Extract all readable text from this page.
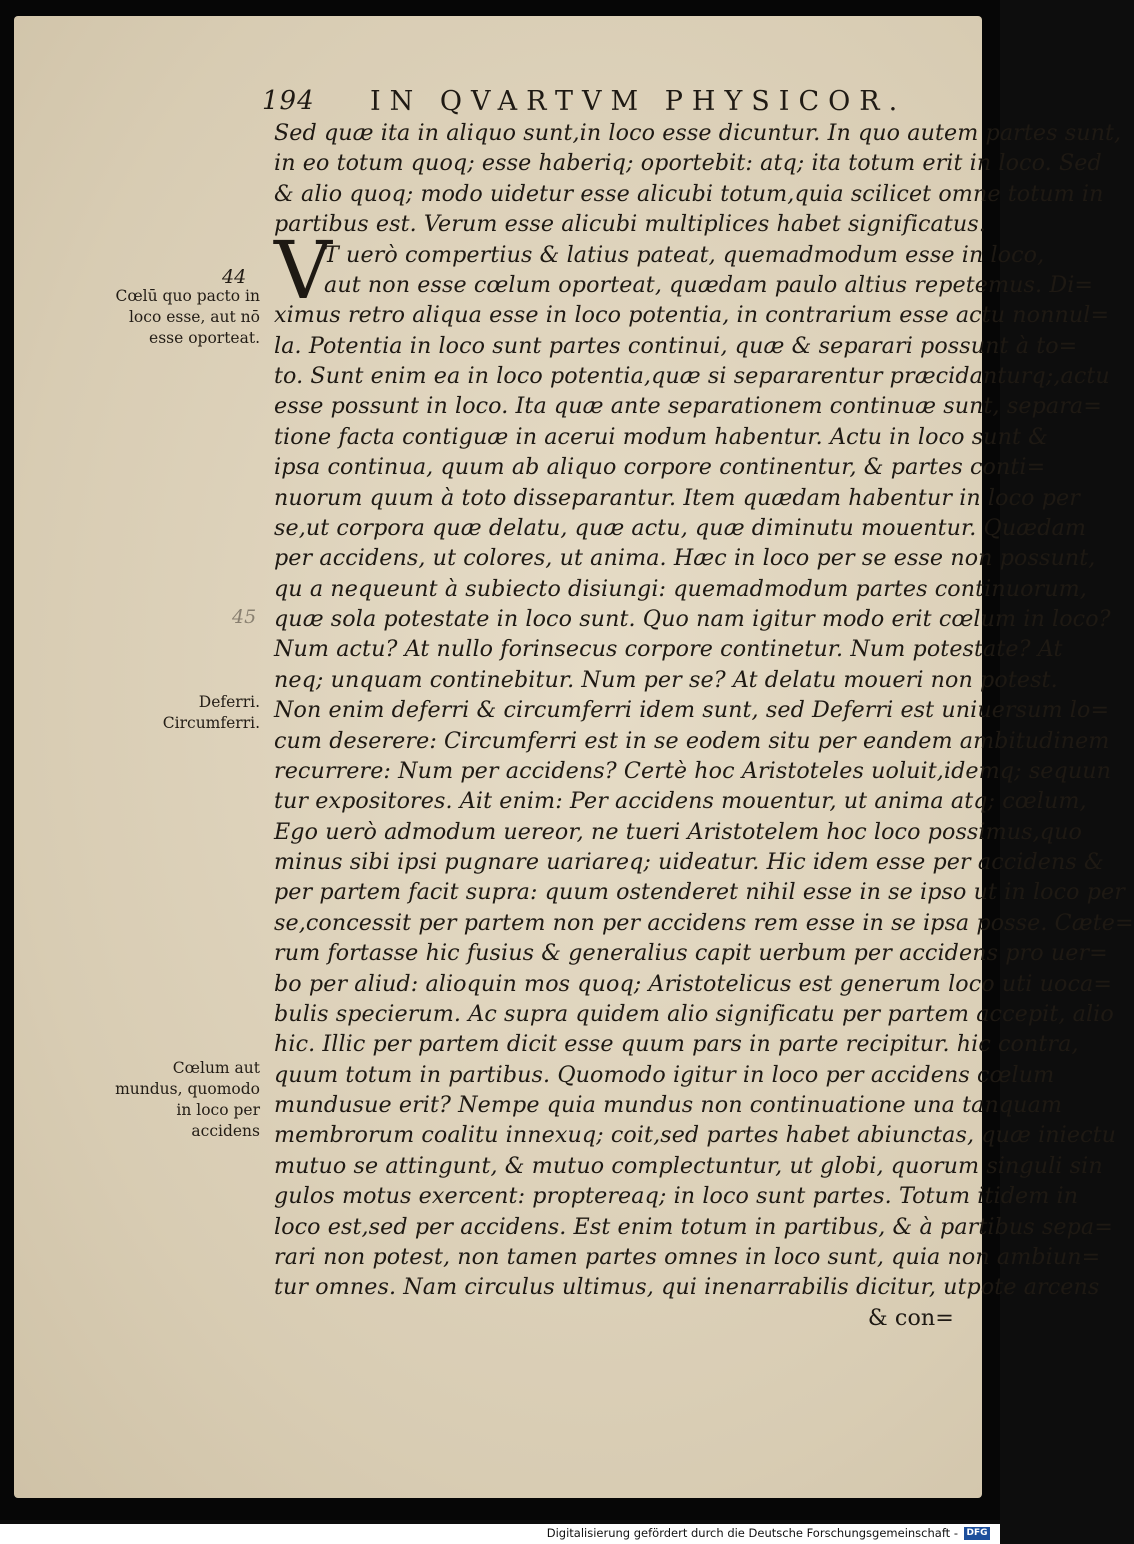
194 IN QVARTVM PHYSICOR.
44
Cœlū quo pacto in loco esse, aut nō esse oporteat.
45
Deferri. Circumferri.
Cœlum aut mundus, quomodo in loco per accidens
V
Sed quæ ita in aliquo sunt,in loco esse dicuntur. In quo autem partes sunt,
in eo totum quoq; esse haberiq; oportebit: atq; ita totum erit in loco. Sed
& alio quoq; modo uidetur esse alicubi totum,quia scilicet omne totum in
partibus est. Verum esse alicubi multiplices habet significatus.
T uerò compertius & latius pateat, quemadmodum esse in loco,
aut non esse cœlum oporteat, quædam paulo altius repetemus. Di=
ximus retro aliqua esse in loco potentia, in contrarium esse actu nonnul=
la. Potentia in loco sunt partes continui, quæ & separari possunt à to=
to. Sunt enim ea in loco potentia,quæ si separarentur præcidanturq;,actu
esse possunt in loco. Ita quæ ante separationem continuæ sunt, separa=
tione facta contiguæ in acerui modum habentur. Actu in loco sunt &
ipsa continua, quum ab aliquo corpore continentur, & partes conti=
nuorum quum à toto disseparantur. Item quædam habentur in loco per
se,ut corpora quæ delatu, quæ actu, quæ diminutu mouentur. Quædam
per accidens, ut colores, ut anima. Hæc in loco per se esse non possunt,
qu a nequeunt à subiecto disiungi: quemadmodum partes continuorum,
quæ sola potestate in loco sunt. Quo nam igitur modo erit cœlum in loco?
Num actu? At nullo forinsecus corpore continetur. Num potestate? At
neq; unquam continebitur. Num per se? At delatu moueri non potest.
Non enim deferri & circumferri idem sunt, sed Deferri est uniuersum lo=
cum deserere: Circumferri est in se eodem situ per eandem ambitudinem
recurrere: Num per accidens? Certè hoc Aristoteles uoluit,idemq; sequun
tur expositores. Ait enim: Per accidens mouentur, ut anima atq; cœlum,
Ego uerò admodum uereor, ne tueri Aristotelem hoc loco possimus,quo
minus sibi ipsi pugnare uariareq; uideatur. Hic idem esse per accidens &
per partem facit supra: quum ostenderet nihil esse in se ipso ut in loco per
se,concessit per partem non per accidens rem esse in se ipsa posse. Cæte=
rum fortasse hic fusius & generalius capit uerbum per accidens pro uer=
bo per aliud: alioquin mos quoq; Aristotelicus est generum loco uti uoca=
bulis specierum. Ac supra quidem alio significatu per partem accepit, alio
hic. Illic per partem dicit esse quum pars in parte recipitur. hic contra,
quum totum in partibus. Quomodo igitur in loco per accidens cœlum
mundusue erit? Nempe quia mundus non continuatione una tanquam
membrorum coalitu innexuq; coit,sed partes habet abiunctas, quæ iniectu
mutuo se attingunt, & mutuo complectuntur, ut globi, quorum singuli sin
gulos motus exercent: proptereaq; in loco sunt partes. Totum itidem in
loco est,sed per accidens. Est enim totum in partibus, & à partibus sepa=
rari non potest, non tamen partes omnes in loco sunt, quia non ambiun=
tur omnes. Nam circulus ultimus, qui inenarrabilis dicitur, utpote arcens
& con=
Digitalisierung gefördert durch die Deutsche Forschungsgemeinschaft - DFG
